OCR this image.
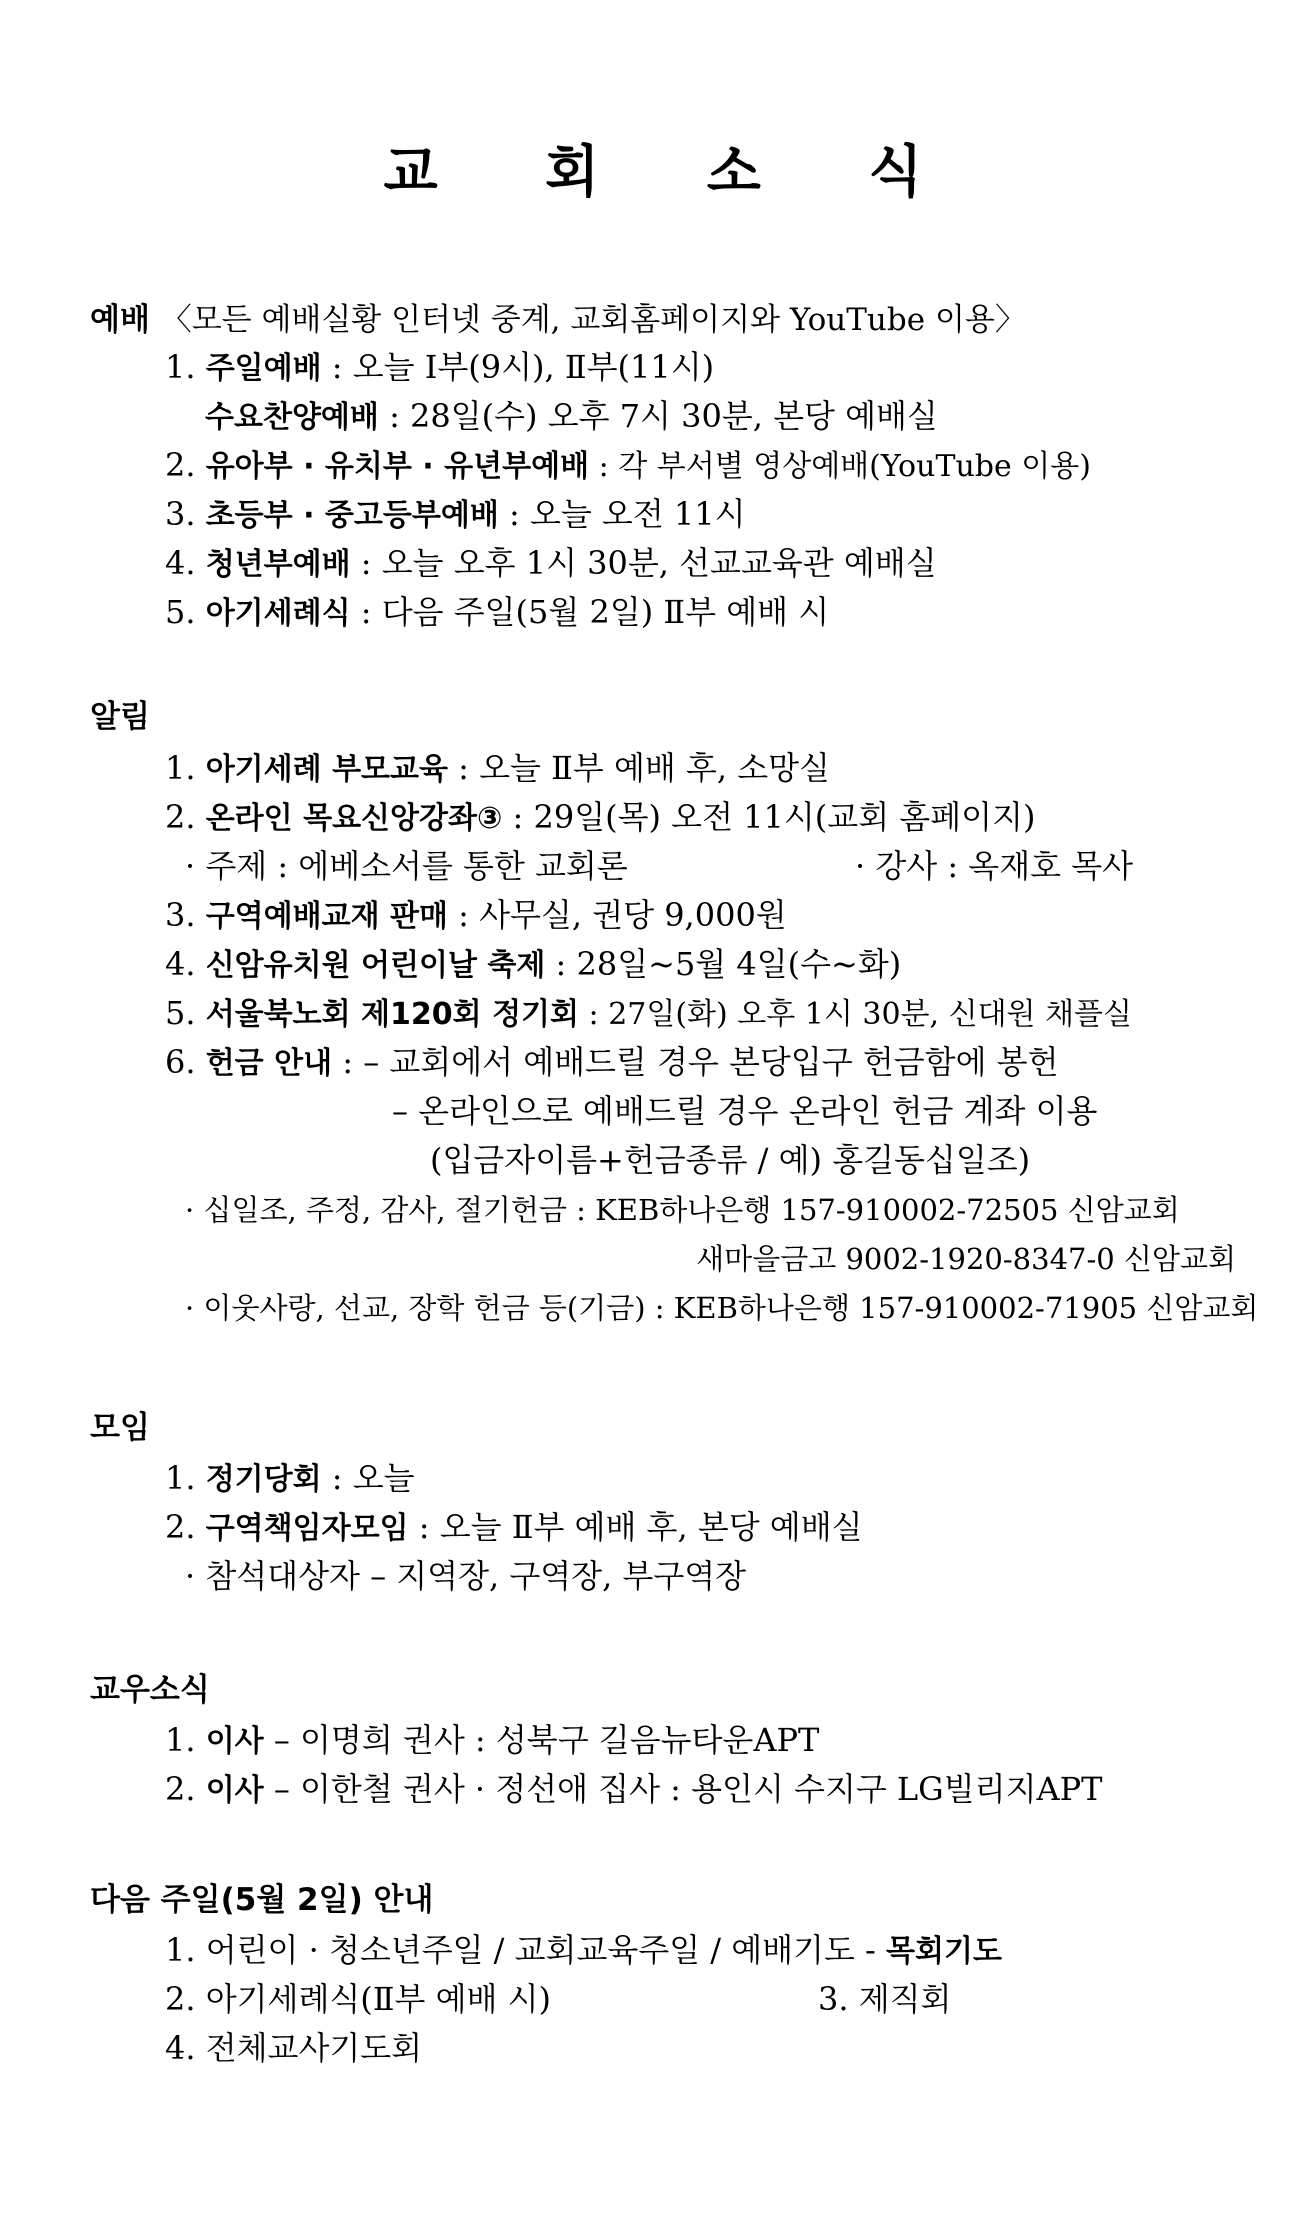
교 회 소 식
예배 〈모든 예배실황 인터넷 중계, 교회홈페이지와 YouTube 이용〉
1. 주일예배 : 오늘 Ⅰ부(9시), Ⅱ부(11시)
수요찬양예배 : 28일(수) 오후 7시 30분, 본당 예배실
2. 유아부 · 유치부 · 유년부예배 : 각 부서별 영상예배(YouTube 이용)
3. 초등부 · 중고등부예배 : 오늘 오전 11시
4. 청년부예배 : 오늘 오후 1시 30분, 선교교육관 예배실
5. 아기세례식 : 다음 주일(5월 2일) Ⅱ부 예배 시
알림
1. 아기세례 부모교육 : 오늘 Ⅱ부 예배 후, 소망실
2. 온라인 목요신앙강좌③ : 29일(목) 오전 11시(교회 홈페이지)
· 주제 : 에베소서를 통한 교회론	· 강사 : 옥재호 목사
3. 구역예배교재 판매 : 사무실, 권당 9,000원
4. 신암유치원 어린이날 축제 : 28일~5월 4일(수~화)
5. 서울북노회 제120회 정기회 : 27일(화) 오후 1시 30분, 신대원 채플실
6. 헌금 안내 : – 교회에서 예배드릴 경우 본당입구 헌금함에 봉헌
– 온라인으로 예배드릴 경우 온라인 헌금 계좌 이용
(입금자이름+헌금종류 / 예) 홍길동십일조)
· 십일조, 주정, 감사, 절기헌금 : KEB하나은행 157-910002-72505 신암교회
새마을금고 9002-1920-8347-0 신암교회
· 이웃사랑, 선교, 장학 헌금 등(기금) : KEB하나은행 157-910002-71905 신암교회
모임
1. 정기당회 : 오늘
2. 구역책임자모임 : 오늘 Ⅱ부 예배 후, 본당 예배실
· 참석대상자 – 지역장, 구역장, 부구역장
교우소식
1. 이사 – 이명희 권사 : 성북구 길음뉴타운APT
2. 이사 – 이한철 권사 · 정선애 집사 : 용인시 수지구 LG빌리지APT
다음 주일(5월 2일) 안내
1. 어린이 · 청소년주일 / 교회교육주일 / 예배기도 - 목회기도
2. 아기세례식(Ⅱ부 예배 시)	3. 제직회
4. 전체교사기도회
